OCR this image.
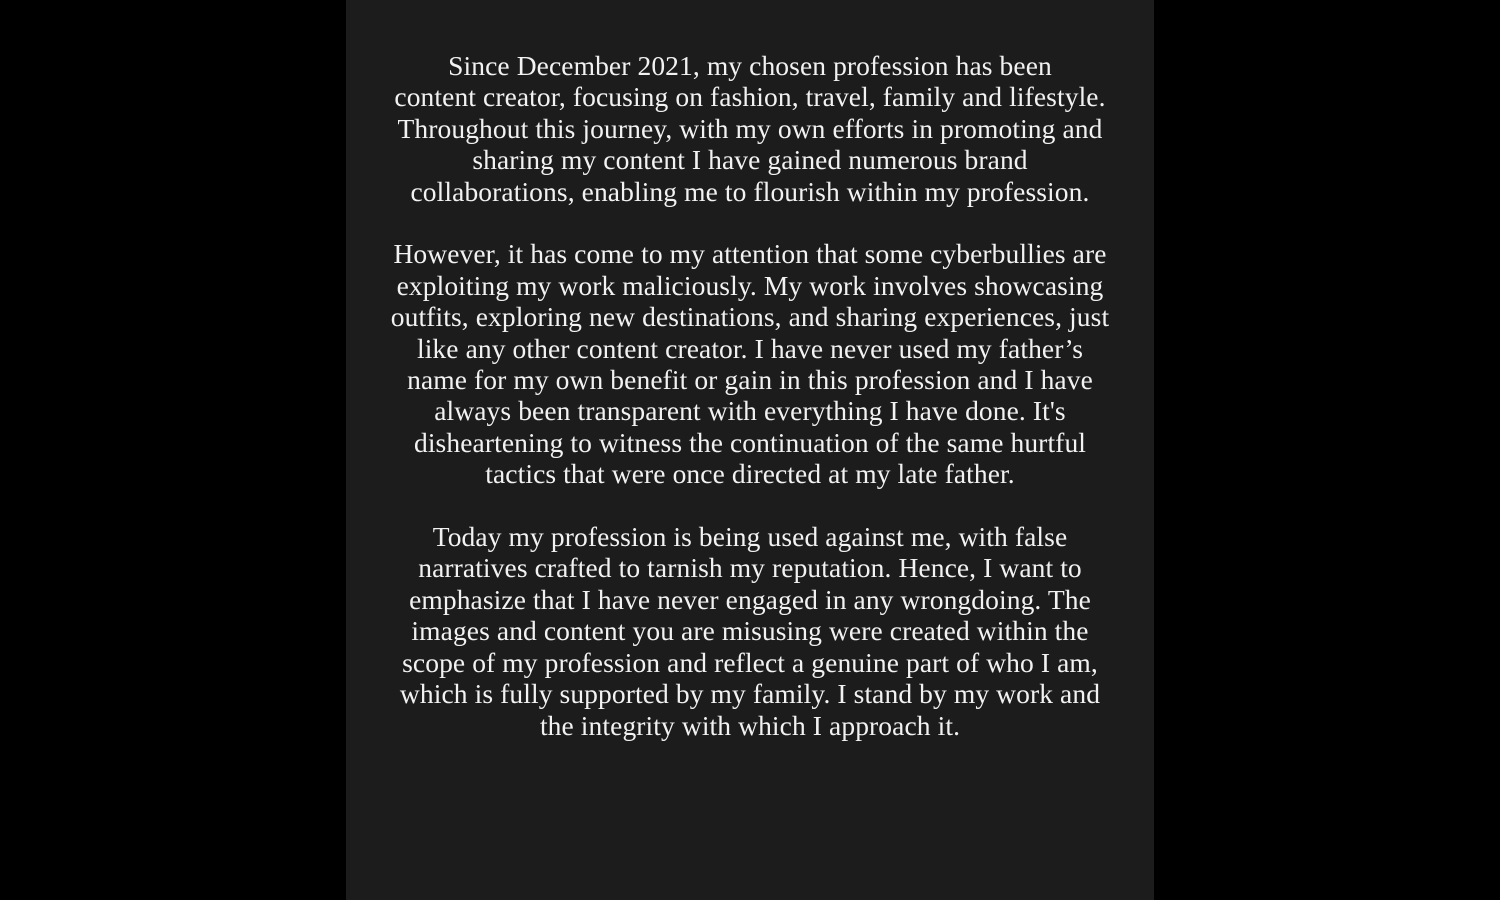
Since December 2021, my chosen profession has been
content creator, focusing on fashion, travel, family and lifestyle.
Throughout this journey, with my own efforts in promoting and
sharing my content I have gained numerous brand
collaborations, enabling me to flourish within my profession.

However, it has come to my attention that some cyberbullies are
exploiting my work maliciously. My work involves showcasing
outfits, exploring new destinations, and sharing experiences, just
like any other content creator. I have never used my father’s
name for my own benefit or gain in this profession and I have
always been transparent with everything I have done. It's
disheartening to witness the continuation of the same hurtful
tactics that were once directed at my late father.

Today my profession is being used against me, with false
narratives crafted to tarnish my reputation. Hence, I want to
emphasize that I have never engaged in any wrongdoing. The
images and content you are misusing were created within the
scope of my profession and reflect a genuine part of who I am,
which is fully supported by my family. I stand by my work and
the integrity with which I approach it.
